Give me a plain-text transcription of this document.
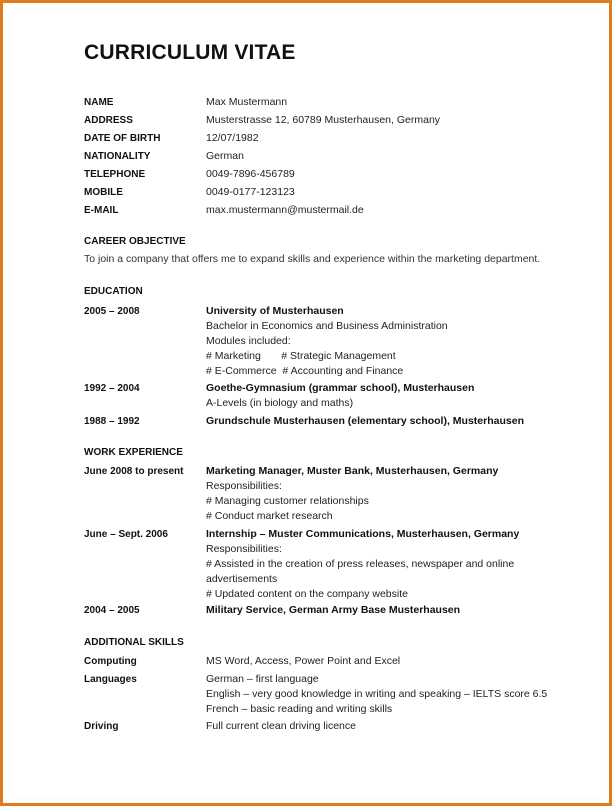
CURRICULUM VITAE
NAME	Max Mustermann
ADDRESS	Musterstrasse 12, 60789 Musterhausen, Germany
DATE OF BIRTH	12/07/1982
NATIONALITY	German
TELEPHONE	0049-7896-456789
MOBILE	0049-0177-123123
E-MAIL	max.mustermann@mustermail.de
CAREER OBJECTIVE
To join a company that offers me to expand skills and experience within the marketing department.
EDUCATION
2005 – 2008	University of Musterhausen
Bachelor in Economics and Business Administration
Modules included:
# Marketing       # Strategic Management
# E-Commerce  # Accounting and Finance
1992 – 2004	Goethe-Gymnasium (grammar school), Musterhausen
A-Levels (in biology and maths)
1988 – 1992	Grundschule Musterhausen (elementary school), Musterhausen
WORK EXPERIENCE
June 2008 to present	Marketing Manager, Muster Bank, Musterhausen, Germany
Responsibilities:
# Managing customer relationships
# Conduct market research
June – Sept. 2006	Internship – Muster Communications, Musterhausen, Germany
Responsibilities:
# Assisted in the creation of press releases, newspaper and online
advertisements
# Updated content on the company website
2004 – 2005	Military Service, German Army Base Musterhausen
ADDITIONAL SKILLS
Computing	MS Word, Access, Power Point and Excel
Languages	German – first language
English – very good knowledge in writing and speaking – IELTS score 6.5
French – basic reading and writing skills
Driving	Full current clean driving licence
